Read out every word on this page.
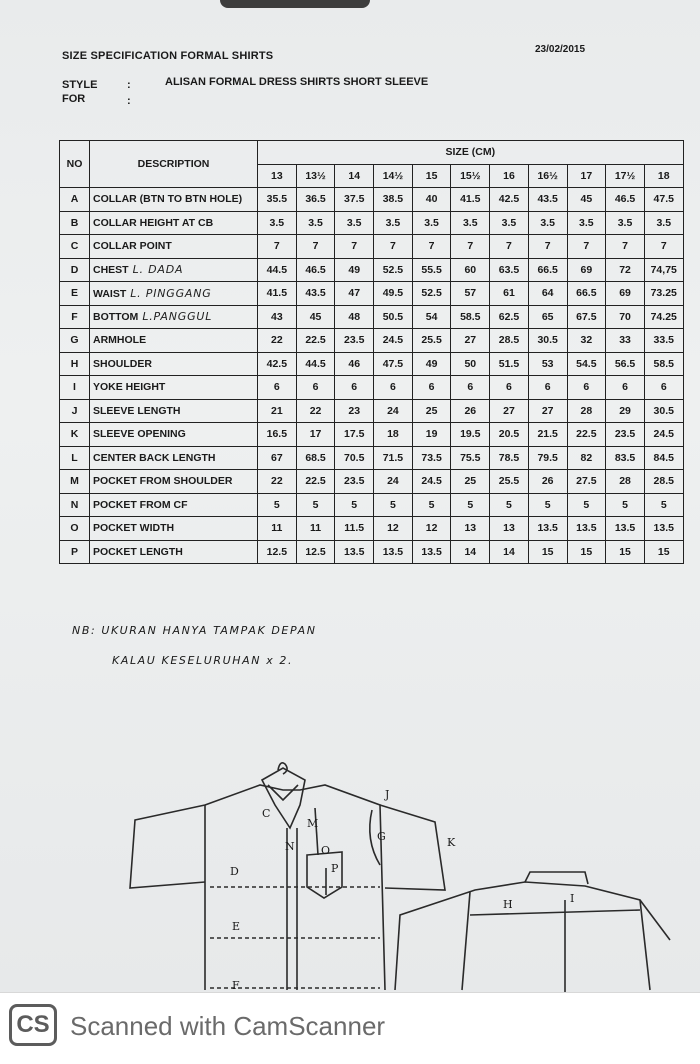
SIZE SPECIFICATION FORMAL SHIRTS
23/02/2015
STYLE	:	ALISAN FORMAL DRESS SHIRTS SHORT SLEEVE
FOR	:
NO	DESCRIPTION	SIZE (CM)										
		13	13½	14	14½	15	15½	16	16½	17	17½	18
A	COLLAR (BTN TO BTN HOLE)	35.5	36.5	37.5	38.5	40	41.5	42.5	43.5	45	46.5	47.5
B	COLLAR HEIGHT AT CB	3.5	3.5	3.5	3.5	3.5	3.5	3.5	3.5	3.5	3.5	3.5
C	COLLAR POINT	7	7	7	7	7	7	7	7	7	7	7
D	CHEST L. DADA	44.5	46.5	49	52.5	55.5	60	63.5	66.5	69	72	74,75
E	WAIST L. PINGGANG	41.5	43.5	47	49.5	52.5	57	61	64	66.5	69	73.25
F	BOTTOM L.PANGGUL	43	45	48	50.5	54	58.5	62.5	65	67.5	70	74.25
G	ARMHOLE	22	22.5	23.5	24.5	25.5	27	28.5	30.5	32	33	33.5
H	SHOULDER	42.5	44.5	46	47.5	49	50	51.5	53	54.5	56.5	58.5
I	YOKE HEIGHT	6	6	6	6	6	6	6	6	6	6	6
J	SLEEVE LENGTH	21	22	23	24	25	26	27	27	28	29	30.5
K	SLEEVE OPENING	16.5	17	17.5	18	19	19.5	20.5	21.5	22.5	23.5	24.5
L	CENTER BACK LENGTH	67	68.5	70.5	71.5	73.5	75.5	78.5	79.5	82	83.5	84.5
M	POCKET FROM SHOULDER	22	22.5	23.5	24	24.5	25	25.5	26	27.5	28	28.5
N	POCKET FROM CF	5	5	5	5	5	5	5	5	5	5	5
O	POCKET WIDTH	11	11	11.5	12	12	13	13	13.5	13.5	13.5	13.5
P	POCKET LENGTH	12.5	12.5	13.5	13.5	13.5	14	14	15	15	15	15
NB: UKURAN HANYA TAMPAK DEPAN
KALAU KESELURUHAN x 2.
J
C
M
N O
P
G	K
D
E
F
H	I
CS Scanned with CamScanner
